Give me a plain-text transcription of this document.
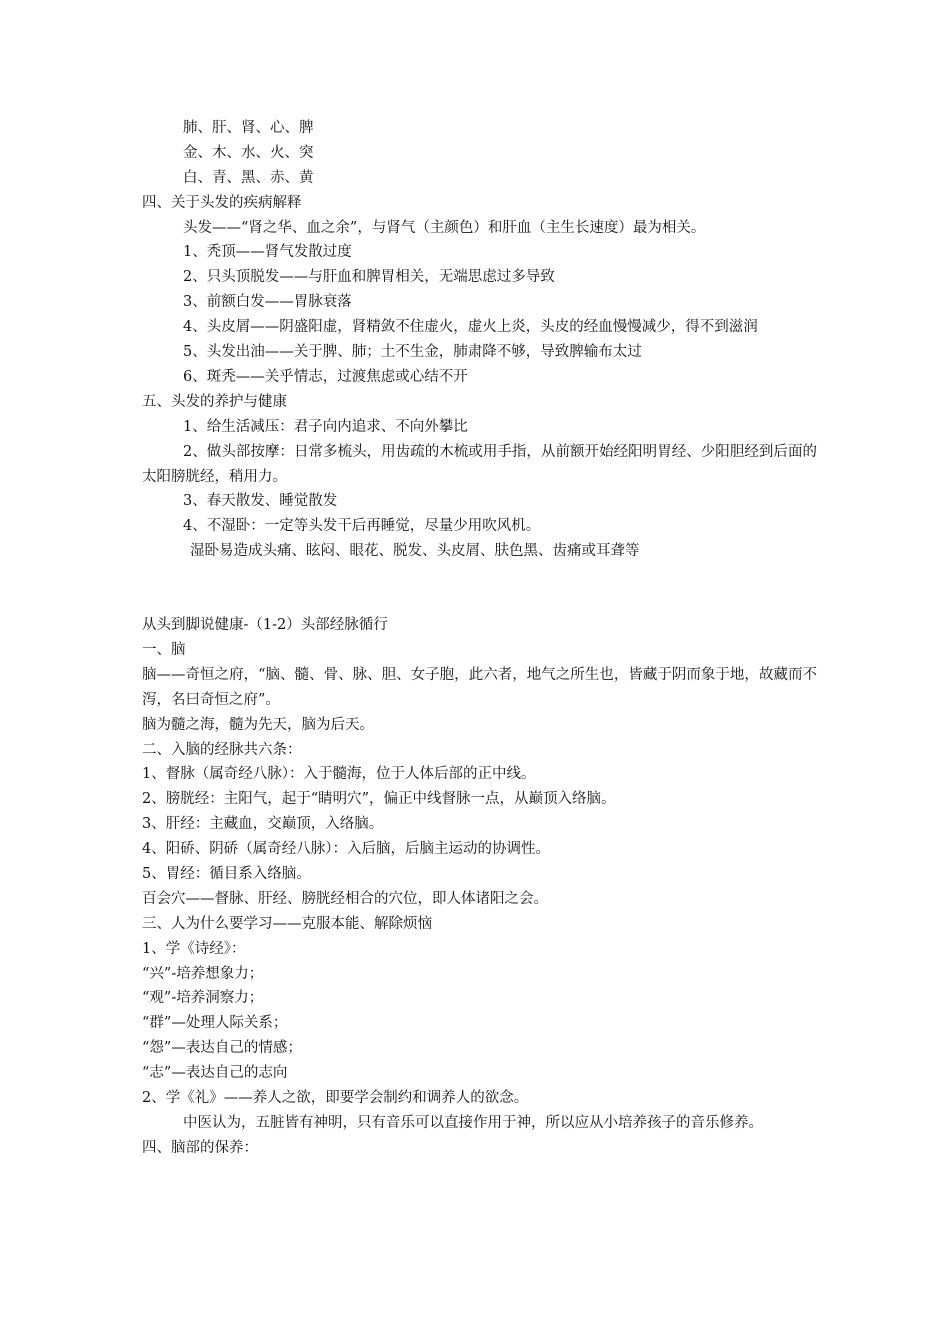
肺、肝、肾、心、脾
金、木、水、火、突
白、青、黑、赤、黄
四、关于头发的疾病解释
头发——“肾之华、血之余”，与肾气（主颜色）和肝血（主生长速度）最为相关。
1、秃顶——肾气发散过度
2、只头顶脱发——与肝血和脾胃相关，无端思虑过多导致
3、前额白发——胃脉衰落
4、头皮屑——阴盛阳虚，肾精敛不住虚火，虚火上炎，头皮的经血慢慢减少，得不到滋润
5、头发出油——关于脾、肺；土不生金，肺肃降不够，导致脾输布太过
6、斑秃——关乎情志，过渡焦虑或心结不开
五、头发的养护与健康
1、给生活减压：君子向内追求、不向外攀比
2、做头部按摩：日常多梳头，用齿疏的木梳或用手指，从前额开始经阳明胃经、少阳胆经到后面的太阳膀胱经，稍用力。
3、春天散发、睡觉散发
4、不湿卧：一定等头发干后再睡觉，尽量少用吹风机。
湿卧易造成头痛、眩闷、眼花、脱发、头皮屑、肤色黑、齿痛或耳聋等
从头到脚说健康-（1-2）头部经脉循行
一、脑
脑——奇恒之府，“脑、髓、骨、脉、胆、女子胞，此六者，地气之所生也，皆藏于阴而象于地，故藏而不泻，名曰奇恒之府”。
脑为髓之海，髓为先天，脑为后天。
二、入脑的经脉共六条：
1、督脉（属奇经八脉）：入于髓海，位于人体后部的正中线。
2、膀胱经：主阳气，起于“睛明穴”，偏正中线督脉一点，从巅顶入络脑。
3、肝经：主藏血，交巅顶，入络脑。
4、阳硚、阴硚（属奇经八脉）：入后脑，后脑主运动的协调性。
5、胃经：循目系入络脑。
百会穴——督脉、肝经、膀胱经相合的穴位，即人体诸阳之会。
三、人为什么要学习——克服本能、解除烦恼
1、学《诗经》：
“兴”-培养想象力；
“观”-培养洞察力；
“群”—处理人际关系；
“怨”—表达自己的情感；
“志”—表达自己的志向
2、学《礼》——养人之欲，即要学会制约和调养人的欲念。
中医认为，五脏皆有神明，只有音乐可以直接作用于神，所以应从小培养孩子的音乐修养。
四、脑部的保养：
